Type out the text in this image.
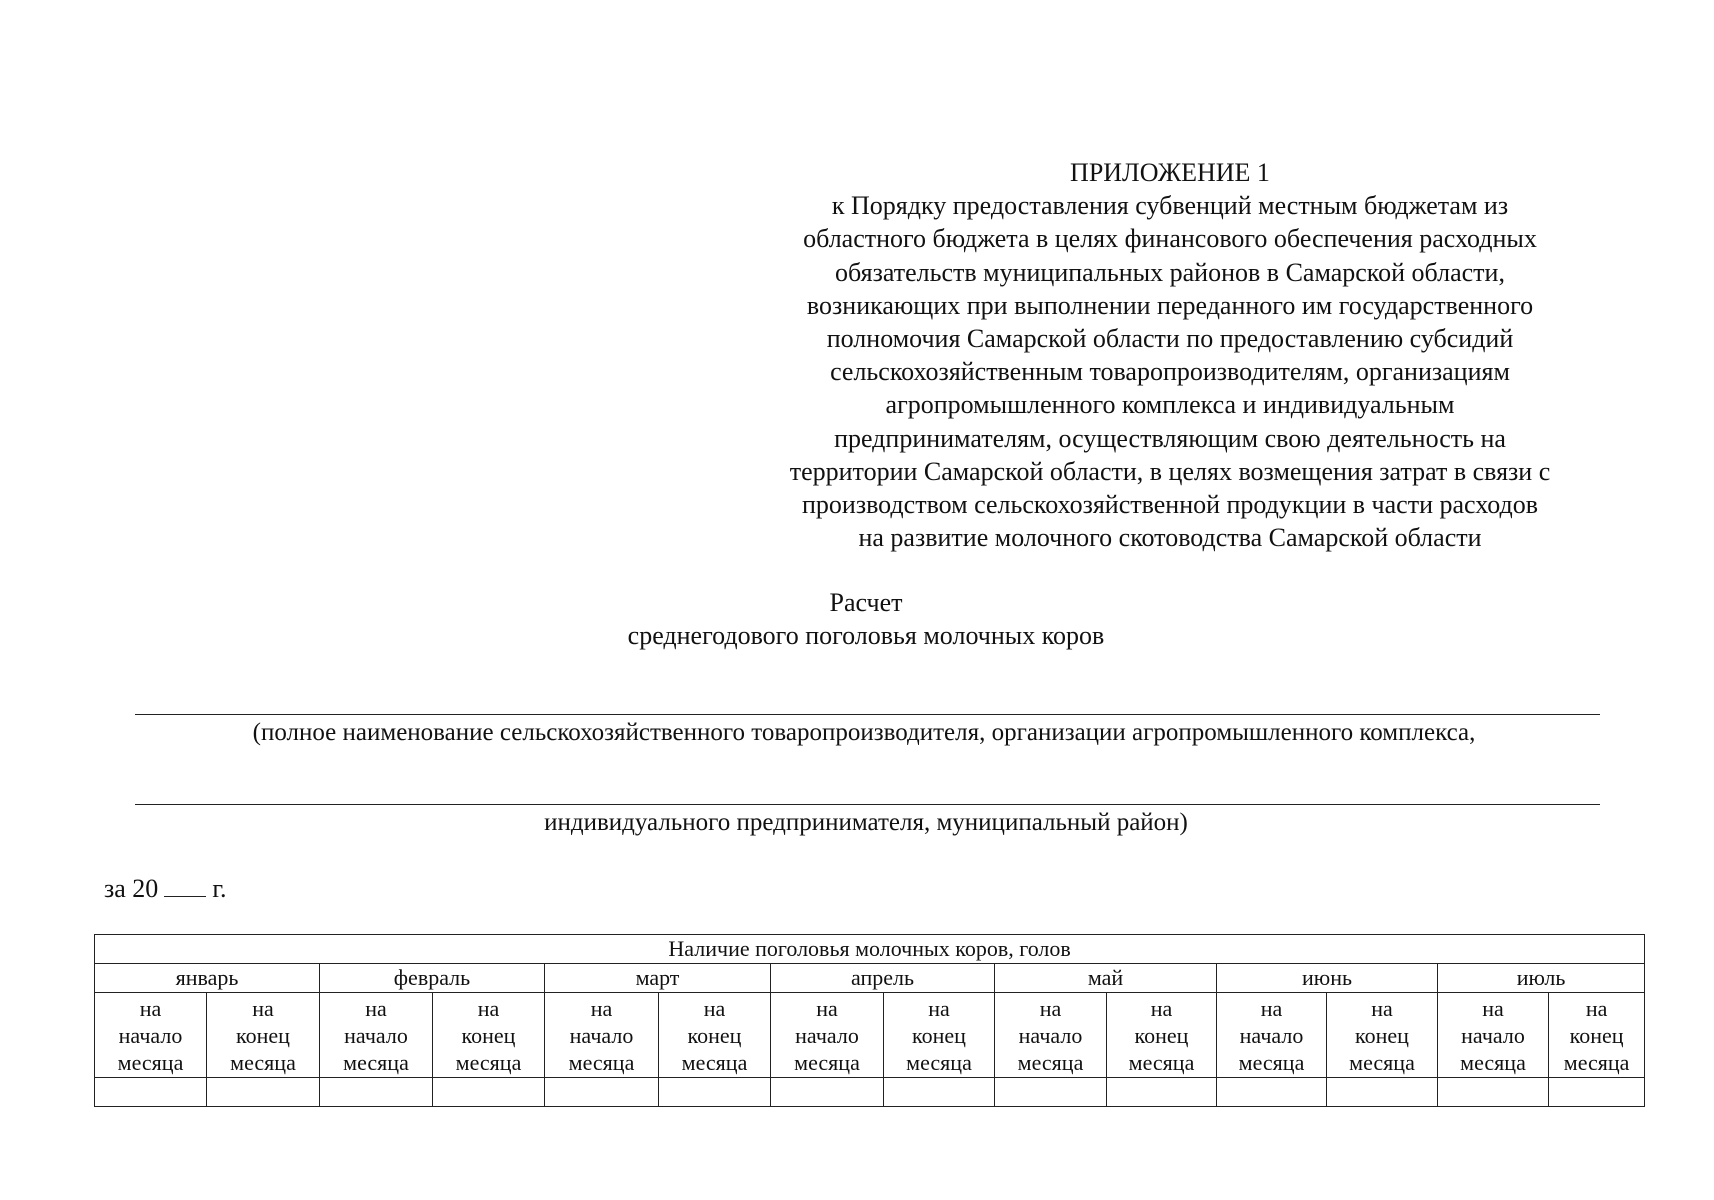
ПРИЛОЖЕНИЕ 1
к Порядку предоставления субвенций местным бюджетам из
областного бюджета в целях финансового обеспечения расходных
обязательств муниципальных районов в Самарской области,
возникающих при выполнении переданного им государственного
полномочия Самарской области по предоставлению субсидий
сельскохозяйственным товаропроизводителям, организациям
агропромышленного комплекса и индивидуальным
предпринимателям, осуществляющим свою деятельность на
территории Самарской области, в целях возмещения затрат в связи с
производством сельскохозяйственной продукции в части расходов
на развитие молочного скотоводства Самарской области
Расчет
среднегодового поголовья молочных коров
(полное наименование сельскохозяйственного товаропроизводителя, организации агропромышленного комплекса,
индивидуального предпринимателя, муниципальный район)
за 20 г.
Наличие поголовья молочных коров, голов													
январь		февраль		март		апрель		май		июнь		июль	

на
начало
месяца	на
конец
месяца	на
начало
месяца	на
конец
месяца	на
начало
месяца	на
конец
месяца	на
начало
месяца	на
конец
месяца	на
начало
месяца	на
конец
месяца	на
начало
месяца	на
конец
месяца	на
начало
месяца	на
конец
месяца
